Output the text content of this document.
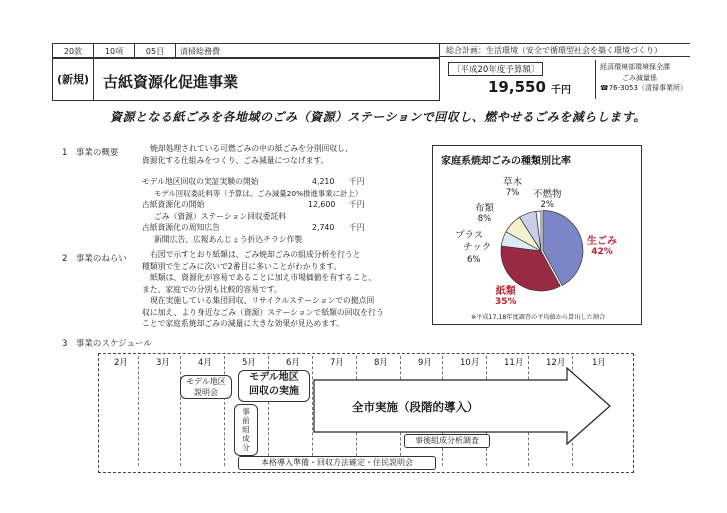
20款	10項	05目	清掃総務費
(新規) 古紙資源化促進事業
総合計画：生活環境（安全で循環型社会を築く環境づくり）
〔平成20年度予算額〕
19,550 千円
経済環境部環境保全課
ごみ減量係
☎76-3053（清掃事業所）
資源となる紙ごみを各地域のごみ（資源）ステーションで回収し、燃やせるごみを減らします。
1　事業の概要	焼却処理されている可燃ごみの中の紙ごみを分別回収し、
資源化する仕組みをつくり、ごみ減量につなげます。
モデル地区回収の実証実験の開始	4,210 千円
モデル回収委託料等（予算は、ごみ減量20%推進事業に計上）
古紙資源化の開始	12,600 千円
ごみ（資源）ステーション回収委託料
古紙資源化の周知広告	2,740 千円
新聞広告、広報あんじょう折込チラシ作製
2　事業のねらい	右図で示すとおり紙類は、ごみ焼却ごみの組成分析を行うと
種類別で生ごみに次いで2番目に多いことがわかります。
紙類は、資源化が容易であることに加え市場価値を有すること、
また、家庭での分別も比較的容易です。
現在実施している集団回収、リサイクルステーションでの拠点回
収に加え、より身近なごみ（資源）ステーションで紙類の回収を行う
ことで家庭系焼却ごみの減量に大きな効果が見込めます。
家庭系焼却ごみの種類別比率
生ごみ
42%
紙類
35%
プラス
チック
6%
布類
8%
草木
7% 不燃物
2%
※平成17,18年度調査の平均値から算出した割合
3　事業のスケジュール
2月	3月	4月	5月	6月	7月	8月	9月	10月	11月	12月	1月
モデル地区
説明会
モデル地区
回収の実施
事
前
組
成
分
全市実施（段階的導入）
事後組成分析調査
本格導入準備・回収方法確定・住民説明会
